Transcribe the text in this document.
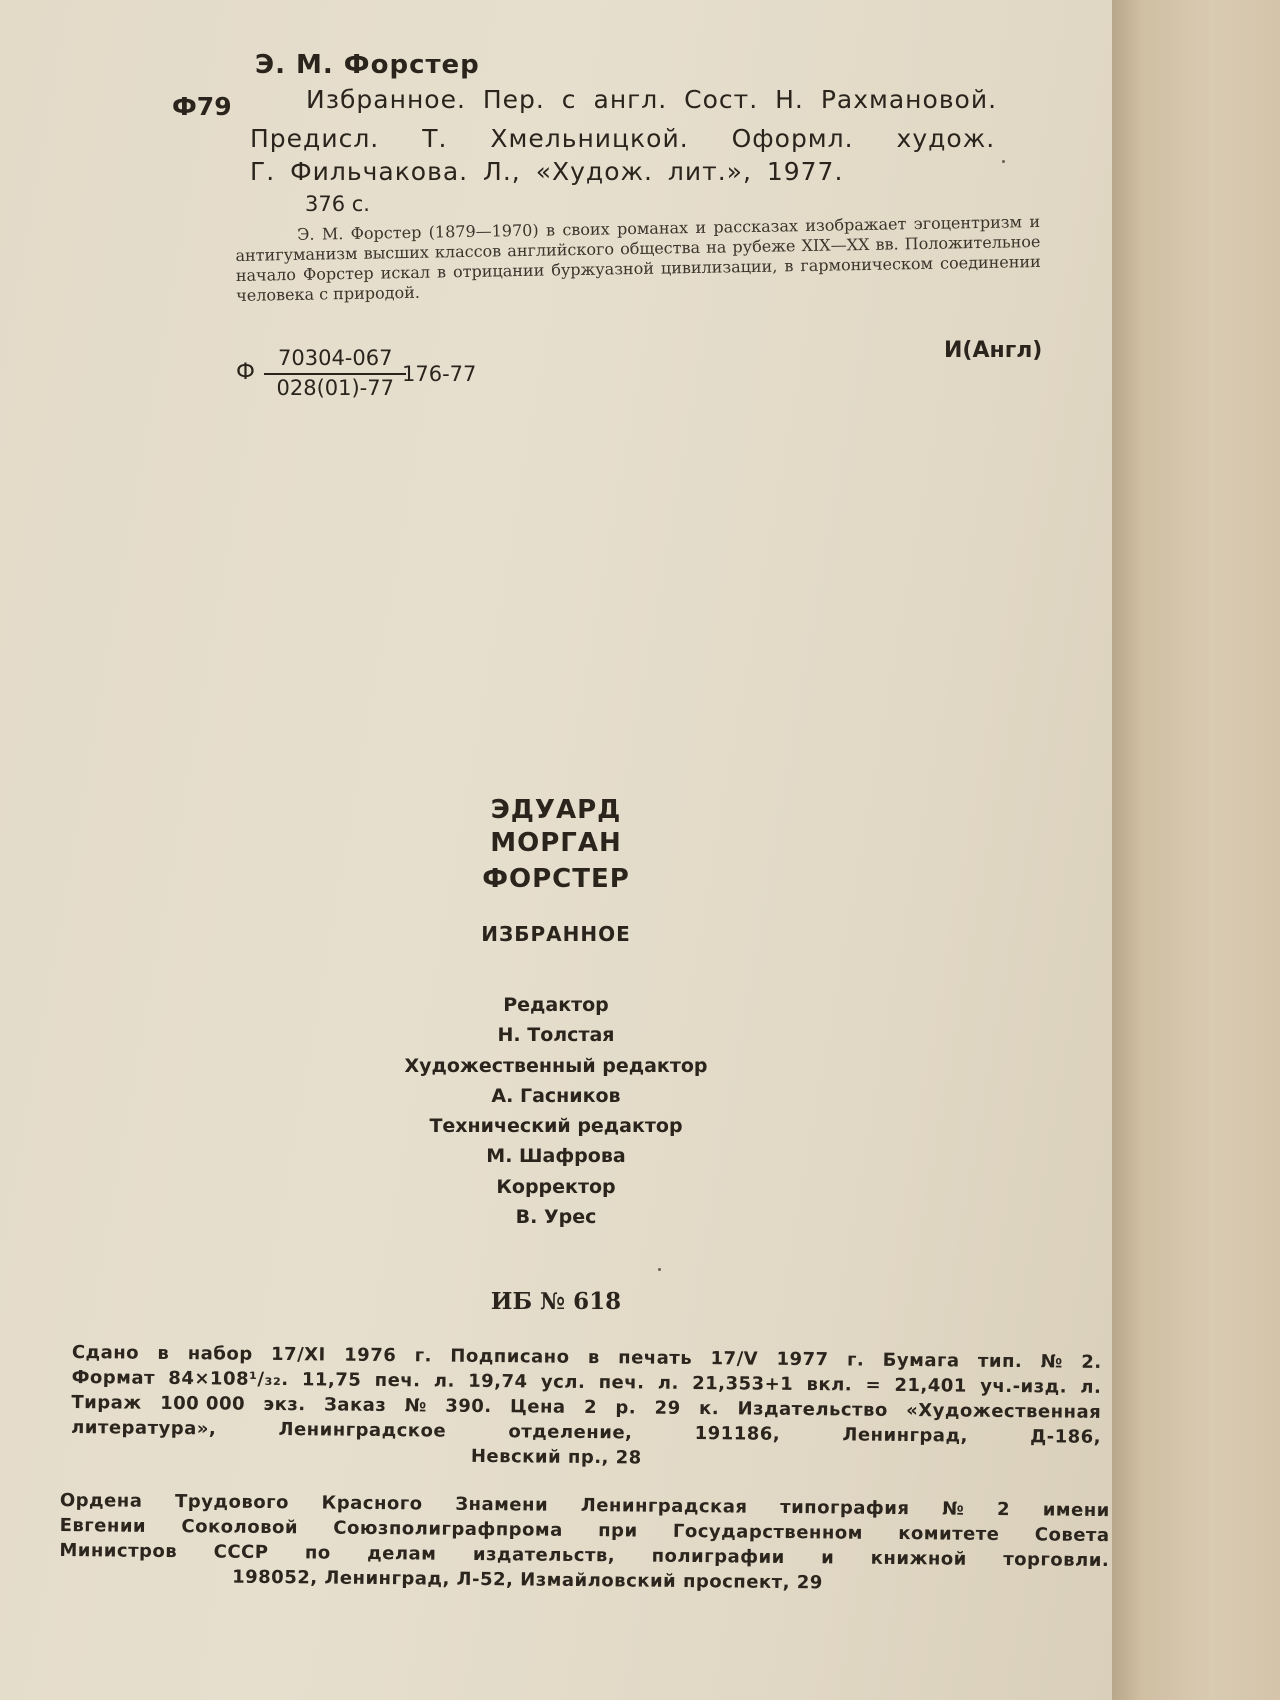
Э. М. Форстер
Ф79	Избранное. Пер. с англ. Сост. Н. Рахмановой.
Предисл. Т. Хмельницкой. Оформл. худож.
Г. Фильчакова. Л., «Худож. лит.», 1977.
376 с.

Э. М. Форстер (1879—1970) в своих романах и рассказах изображает эгоцентризм и антигуманизм высших классов английского общества на рубеже XIX—XX вв. Положительное начало Форстер искал в отрицании буржуазной цивилизации, в гармоническом соединении человека с природой.

Ф $\frac{70304-067}{028(01)-77}$
176-77
И(Англ)
ЭДУАРД
МОРГАН
ФОРСТЕР
ИЗБРАННОЕ
Редактор
Н. Толстая
Художественный редактор
А. Гасников
Технический редактор
М. Шафрова
Корректор
В. Урес
ИБ № 618
Сдано в набор 17/XI 1976 г. Подписано в печать 17/V 1977 г. Бумага тип. № 2.
Формат 84×108¹/₃₂. 11,75 печ. л. 19,74 усл. печ. л. 21,353+1 вкл. = 21,401 уч.-изд. л.
Тираж 100 000 экз. Заказ № 390. Цена 2 р. 29 к. Издательство «Художественная
литература»,	Ленинградское	отделение,	191186,	Ленинград,	Д-186,
Невский пр., 28
Ордена Трудового Красного Знамени Ленинградская типография № 2 имени
Евгении Соколовой Союзполиграфпрома при Государственном комитете Совета
Министров СССР по делам издательств, полиграфии и книжной торговли.
198052, Ленинград, Л-52, Измайловский проспект, 29
